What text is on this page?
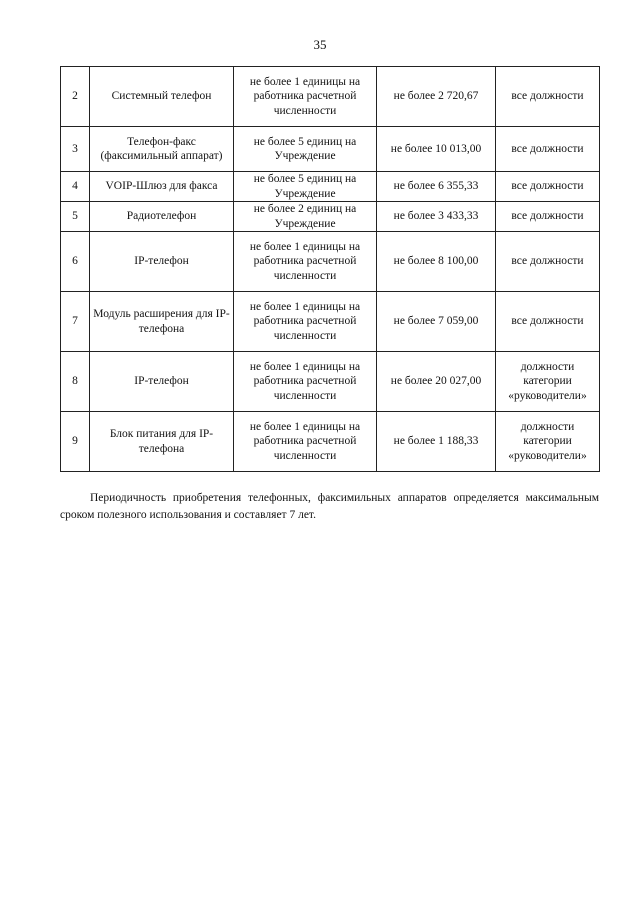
35
2	Системный телефон	не более 1 единицы на работника расчетной численности	не более 2 720,67	все должности
3	Телефон-факс (факсимильный аппарат)	не более 5 единиц на Учреждение	не более 10 013,00	все должности
4	VOIP-Шлюз для факса	не более 5 единиц на Учреждение	не более 6 355,33	все должности
5	Радиотелефон	не более 2 единиц на Учреждение	не более 3 433,33	все должности
6	IP-телефон	не более 1 единицы на работника расчетной численности	не более 8 100,00	все должности
7	Модуль расширения для IP-телефона	не более 1 единицы на работника расчетной численности	не более 7 059,00	все должности
8	IP-телефон	не более 1 единицы на работника расчетной численности	не более 20 027,00	должности категории «руководители»
9	Блок питания для IP-телефона	не более 1 единицы на работника расчетной численности	не более 1 188,33	должности категории «руководители»

Периодичность приобретения телефонных, факсимильных аппаратов определяется максимальным сроком полезного использования и составляет 7 лет.
